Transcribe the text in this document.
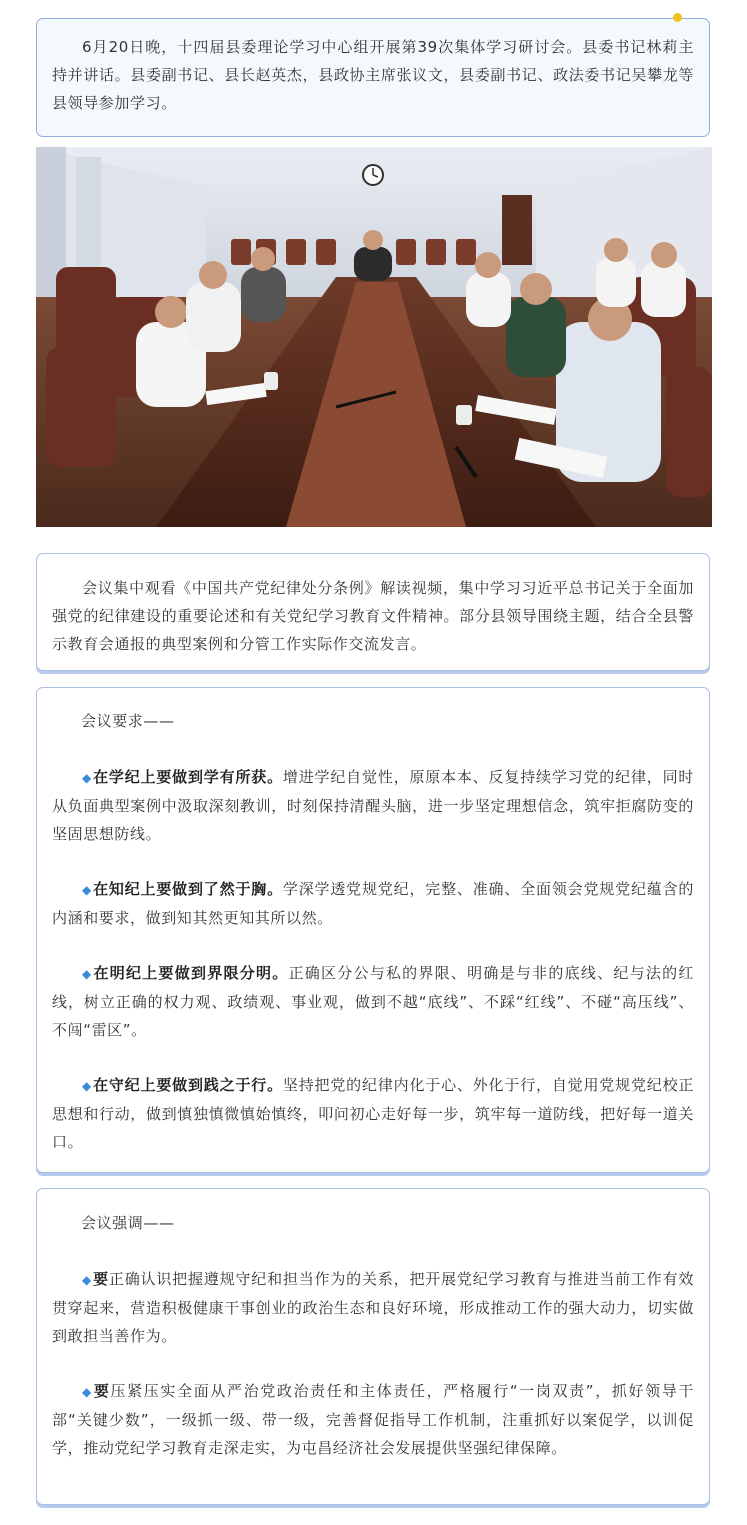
6月20日晚，十四届县委理论学习中心组开展第39次集体学习研讨会。县委书记林莉主持并讲话。县委副书记、县长赵英杰，县政协主席张议文，县委副书记、政法委书记吴攀龙等县领导参加学习。

会议集中观看《中国共产党纪律处分条例》解读视频，集中学习习近平总书记关于全面加强党的纪律建设的重要论述和有关党纪学习教育文件精神。部分县领导围绕主题，结合全县警示教育会通报的典型案例和分管工作实际作交流发言。

会议要求——

◆在学纪上要做到学有所获。增进学纪自觉性，原原本本、反复持续学习党的纪律，同时从负面典型案例中汲取深刻教训，时刻保持清醒头脑，进一步坚定理想信念，筑牢拒腐防变的坚固思想防线。

◆在知纪上要做到了然于胸。学深学透党规党纪，完整、准确、全面领会党规党纪蕴含的内涵和要求，做到知其然更知其所以然。

◆在明纪上要做到界限分明。正确区分公与私的界限、明确是与非的底线、纪与法的红线，树立正确的权力观、政绩观、事业观，做到不越“底线”、不踩“红线”、不碰“高压线”、不闯“雷区”。

◆在守纪上要做到践之于行。坚持把党的纪律内化于心、外化于行，自觉用党规党纪校正思想和行动，做到慎独慎微慎始慎终，叩问初心走好每一步，筑牢每一道防线，把好每一道关口。

会议强调——

◆要正确认识把握遵规守纪和担当作为的关系，把开展党纪学习教育与推进当前工作有效贯穿起来，营造积极健康干事创业的政治生态和良好环境，形成推动工作的强大动力，切实做到敢担当善作为。

◆要压紧压实全面从严治党政治责任和主体责任，严格履行“一岗双责”，抓好领导干部“关键少数”，一级抓一级、带一级，完善督促指导工作机制，注重抓好以案促学，以训促学，推动党纪学习教育走深走实，为屯昌经济社会发展提供坚强纪律保障。
